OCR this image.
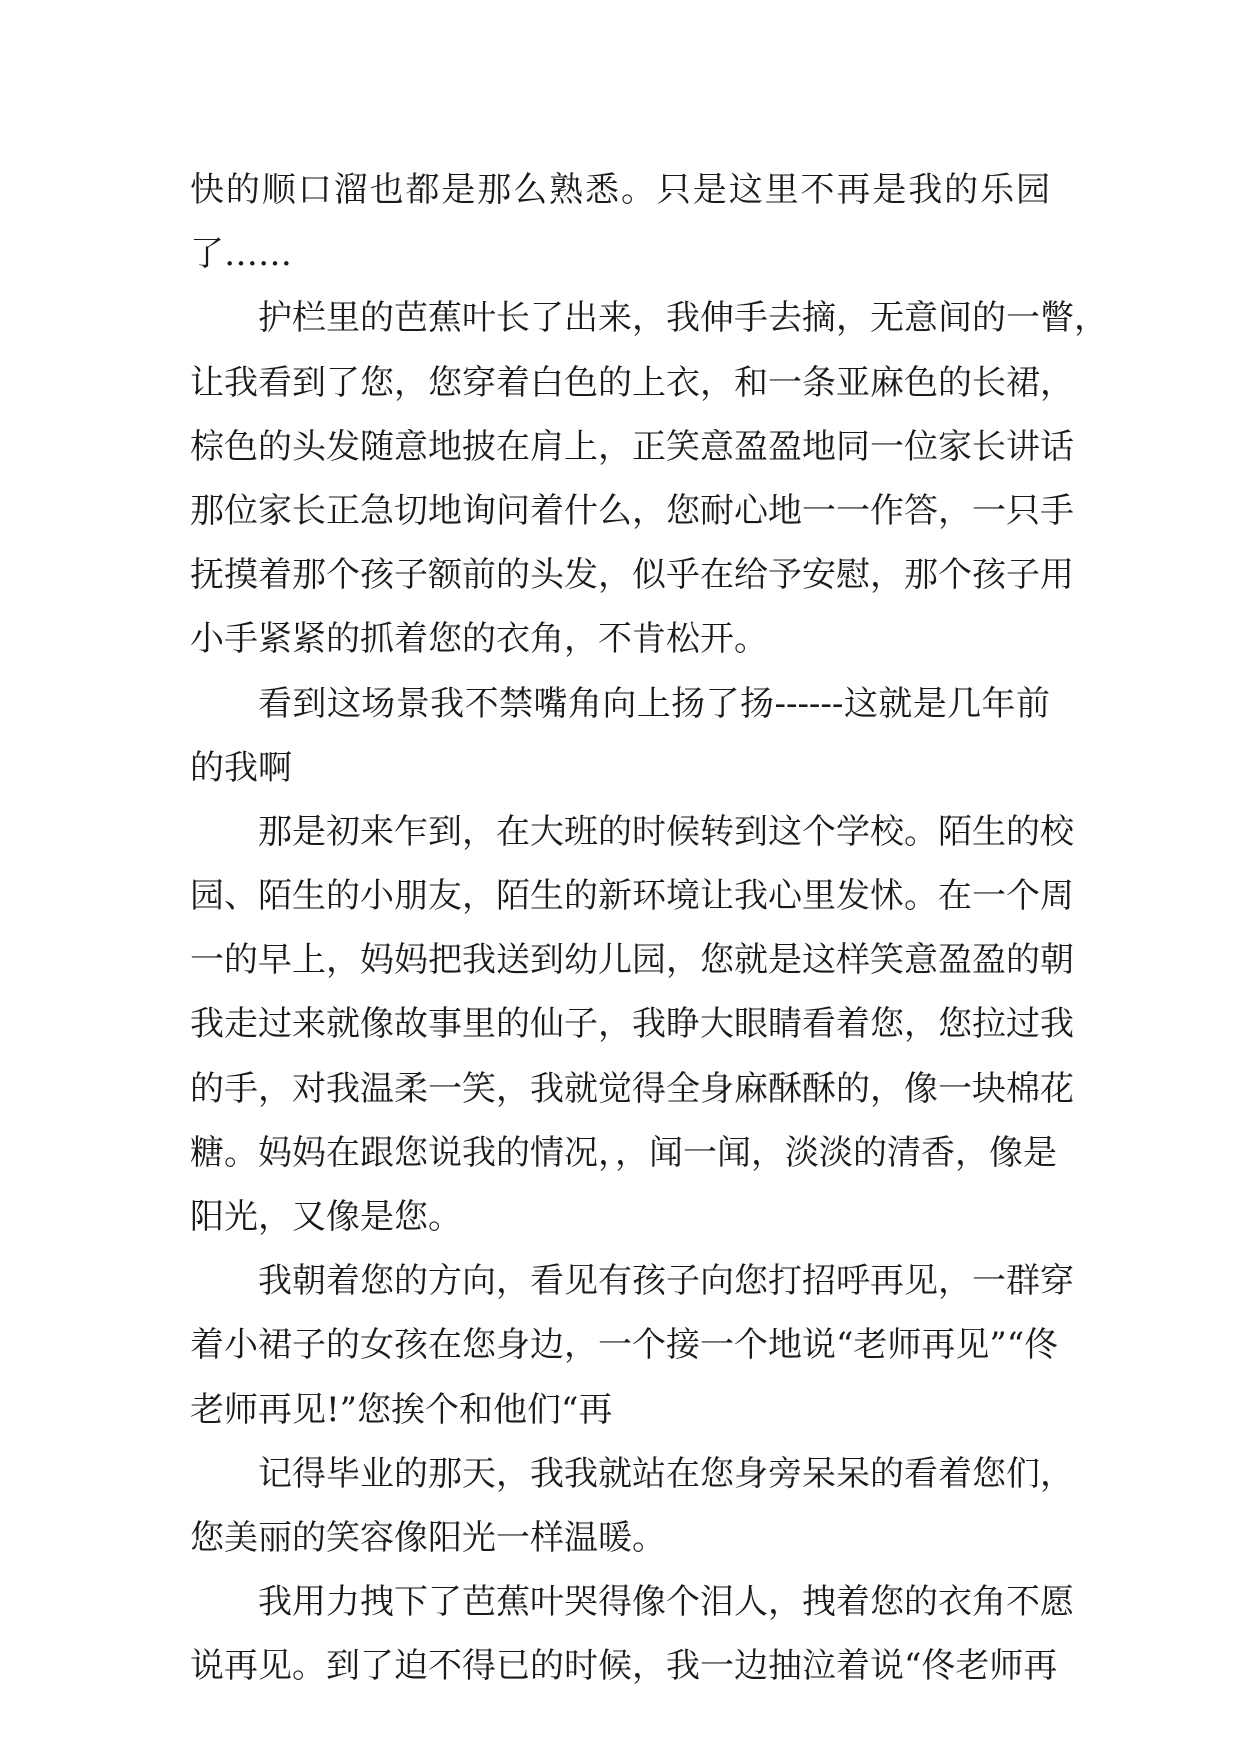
快的顺口溜也都是那么熟悉。只是这里不再是我的乐园

了……

护栏里的芭蕉叶长了出来，我伸手去摘，无意间的一瞥，

让我看到了您，您穿着白色的上衣，和一条亚麻色的长裙，

棕色的头发随意地披在肩上，正笑意盈盈地同一位家长讲话

那位家长正急切地询问着什么，您耐心地一一作答，一只手

抚摸着那个孩子额前的头发，似乎在给予安慰，那个孩子用

小手紧紧的抓着您的衣角，不肯松开。

看到这场景我不禁嘴角向上扬了扬------这就是几年前

的我啊

那是初来乍到，在大班的时候转到这个学校。陌生的校

园、陌生的小朋友，陌生的新环境让我心里发怵。在一个周

一的早上，妈妈把我送到幼儿园，您就是这样笑意盈盈的朝

我走过来就像故事里的仙子，我睁大眼睛看着您，您拉过我

的手，对我温柔一笑，我就觉得全身麻酥酥的，像一块棉花

糖。妈妈在跟您说我的情况，，闻一闻，淡淡的清香，像是

阳光，又像是您。

我朝着您的方向，看见有孩子向您打招呼再见，一群穿

着小裙子的女孩在您身边，一个接一个地说“老师再见”“佟

老师再见!”您挨个和他们“再

记得毕业的那天，我我就站在您身旁呆呆的看着您们，

您美丽的笑容像阳光一样温暖。

我用力拽下了芭蕉叶哭得像个泪人，拽着您的衣角不愿

说再见。到了迫不得已的时候，我一边抽泣着说“佟老师再
